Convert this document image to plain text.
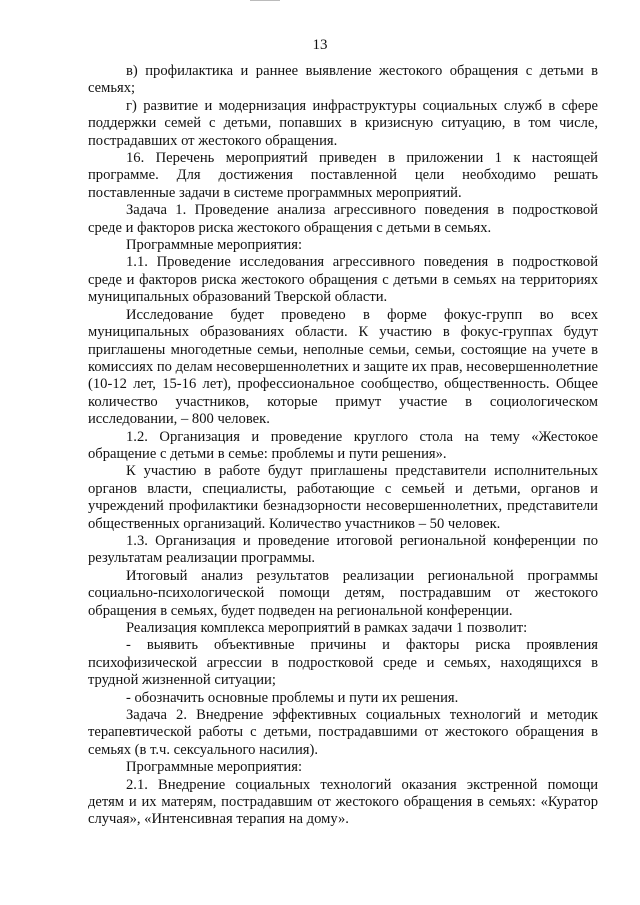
13

в) профилактика и раннее выявление жестокого обращения с детьми в семьях;

г) развитие и модернизация инфраструктуры социальных служб в сфере поддержки семей с детьми, попавших в кризисную ситуацию, в том числе, пострадавших от жестокого обращения.

16. Перечень мероприятий приведен в приложении 1 к настоящей программе. Для достижения поставленной цели необходимо решать поставленные задачи в системе программных мероприятий.

Задача 1. Проведение анализа агрессивного поведения в подростковой среде и факторов риска жестокого обращения с детьми в семьях.

Программные мероприятия:

1.1. Проведение исследования агрессивного поведения в подростковой среде и факторов риска жестокого обращения с детьми в семьях на территориях муниципальных образований Тверской области.

Исследование будет проведено в форме фокус-групп во всех муниципальных образованиях области. К участию в фокус-группах будут приглашены многодетные семьи, неполные семьи, семьи, состоящие на учете в комиссиях по делам несовершеннолетних и защите их прав, несовершеннолетние (10-12 лет, 15-16 лет), профессиональное сообщество, общественность. Общее количество участников, которые примут участие в социологическом исследовании, – 800 человек.

1.2. Организация и проведение круглого стола на тему «Жестокое обращение с детьми в семье: проблемы и пути решения».

К участию в работе будут приглашены представители исполнительных органов власти, специалисты, работающие с семьей и детьми, органов и учреждений профилактики безнадзорности несовершеннолетних, представители общественных организаций. Количество участников – 50 человек.

1.3. Организация и проведение итоговой региональной конференции по результатам реализации программы.

Итоговый анализ результатов реализации региональной программы социально-психологической помощи детям, пострадавшим от жестокого обращения в семьях, будет подведен на региональной конференции.

Реализация комплекса мероприятий в рамках задачи 1 позволит:

- выявить объективные причины и факторы риска проявления психофизической агрессии в подростковой среде и семьях, находящихся в трудной жизненной ситуации;

- обозначить основные проблемы и пути их решения.

Задача 2. Внедрение эффективных социальных технологий и методик терапевтической работы с детьми, пострадавшими от жестокого обращения в семьях (в т.ч. сексуального насилия).

Программные мероприятия:

2.1. Внедрение социальных технологий оказания экстренной помощи детям и их матерям, пострадавшим от жестокого обращения в семьях: «Куратор случая», «Интенсивная терапия на дому».
